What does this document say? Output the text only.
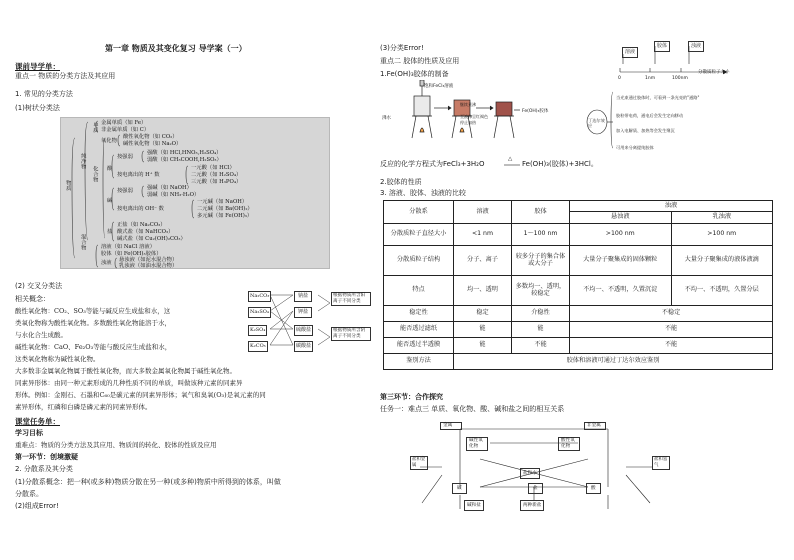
第一章 物质及其变化复习 导学案（一）
课前导学单：
重点一 物质的分类方法及其应用
1. 常见的分类方法
(1)树状分类法
物质
纯净物
混合物
单质
化合物
金属单质（如 Fe）
非金属单质（如 C）
氧化物
酸性氧化物（如 CO₂）
碱性氧化物（如 Na₂O）
酸
按强弱
强酸（如 HCl,HNO₃,H₂SO₄）
弱酸（如 CH₃COOH,H₂SO₃）
按电离出的 H⁺ 数
一元酸（如 HCl）
二元酸（如 H₂SO₄）
三元酸（如 H₃PO₄）
碱
按强弱	强碱（如 NaOH）
弱碱（如 NH₃·H₂O）
按电离出的 OH⁻ 数
一元碱（如 NaOH）
二元碱（如 Ba(OH)₂）
多元碱（如 Fe(OH)₃）
盐
正盐（如 Na₂CO₃）
酸式盐（如 NaHCO₃）
碱式盐（如 Cu₂(OH)₂CO₃）
溶液（如 NaCl 溶液）
胶体（如 Fe(OH)₃胶体）
浊液 悬浊液（如泥水混合物）
乳浊液（如油水混合物）
(2) 交叉分类法
Na₂CO₃
Na₂SO₄
K₂SO₄
K₂CO₃
钠盐
钾盐
硫酸盐
碳酸盐
根据物质所含阳离子不同分类
根据物质所含阴离子不同分类
相关概念：
酸性氧化物：CO₂、SO₃等能与碱反应生成盐和水，这
类氧化物称为酸性氧化物。多数酸性氧化物能溶于水，
与水化合生成酸。
碱性氧化物：CaO、Fe₂O₃等能与酸反应生成盐和水，
这类氧化物称为碱性氧化物。
大多数非金属氧化物属于酸性氧化物，而大多数金属氧化物属于碱性氧化物。
同素异形体：由同一种元素形成的几种性质不同的单质，叫做该种元素的同素异
形体。例如：金刚石、石墨和C₆₀是碳元素的同素异形体；氧气和臭氧(O₃)是氧元素的同
素异形体，红磷和白磷是磷元素的同素异形体。
课堂任务单：
学习目标
重难点：物质的分类方法及其应用、物质间的转化、胶体的性质及应用
第一环节：创境激疑
2. 分散系及其分类
(1)分散系概念：把一种(或多种)物质分散在另一种(或多种)物质中所得到的体系，叫做
分散系。
(2)组成Error!
(3)分类Error!
重点二 胶体的性质及应用
1.Fe(OH)₃胶体的制备
饱和FeCl₃溶液
沸水
继续煮沸
至液体呈红褐色
停止加热
Fe(OH)₃胶体
溶液
胶体	浊液
0	1nm	100nm
分散质粒子大小
丁达尔效应
当光束通过胶体时，可看到一条光亮的"通路"
胶粒带电荷，通电后会发生定向移动
加入电解质、加热等会发生聚沉
可用来分离提纯胶体
反应的化学方程式为FeCl₃+3H₂O
△
Fe(OH)₃(胶体)+3HCl。
2.胶体的性质
3. 溶液、胶体、浊液的比较
分散系	溶液	胶体	浊液	
			悬浊液	乳浊液
分散质粒子直径大小	<1 nm	1～100 nm	>100 nm	>100 nm
分散质粒子结构	分子、离子	较多分子的集合体或大分子	大量分子聚集成的固体颗粒	大量分子聚集成的液体液滴
特点	均一、透明	多数均一、透明，较稳定	不均一、不透明，久置沉淀	不均一、不透明，久置分层
稳定性	稳定	介稳性	不稳定	
能否透过滤纸	能	能	不能	
能否透过半透膜	能	不能	不能	
鉴别方法	胶体和溶液可通过丁达尔效应鉴别			
第三环节：合作探究
任务一：难点三 单质、氧化物、酸、碱和盐之间的相互关系
金属	非金属
碱性氧化物
酸性氧化物
碱	酸
盐
盐和水
碱和盐	两种新盐
盐和金属
盐和氢气
